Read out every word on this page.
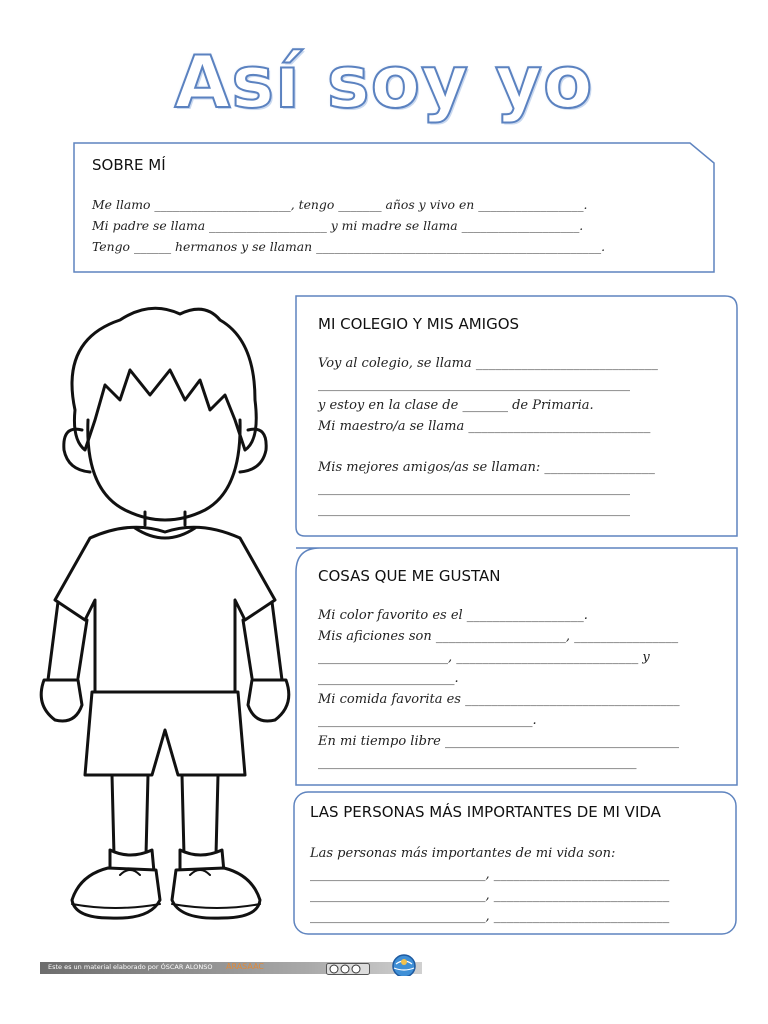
Así soy yo
SOBRE MÍ
Me llamo ______________________, tengo _______ años y vivo en _________________.
Mi padre se llama ___________________ y mi madre se llama ___________________.
Tengo ______ hermanos y se llaman ______________________________________________.
MI COLEGIO Y MIS AMIGOS
Voy al colegio, se llama ____________________________
________________________________________________
y estoy en la clase de _______ de Primaria.
Mi maestro/a se llama ____________________________
Mis mejores amigos/as se llaman: _________________
________________________________________________
________________________________________________
COSAS QUE ME GUSTAN
Mi color favorito es el __________________.
Mis aficiones son ____________________, ________________
____________________, ____________________________ y
_____________________.
Mi comida favorita es _________________________________
_________________________________.
En mi tiempo libre ____________________________________
_________________________________________________
LAS PERSONAS MÁS IMPORTANTES DE MI VIDA
Las personas más importantes de mi vida son:
___________________________, ___________________________
___________________________, ___________________________
___________________________, ___________________________
Este es un material elaborado por ÓSCAR ALONSO ARASAAC
